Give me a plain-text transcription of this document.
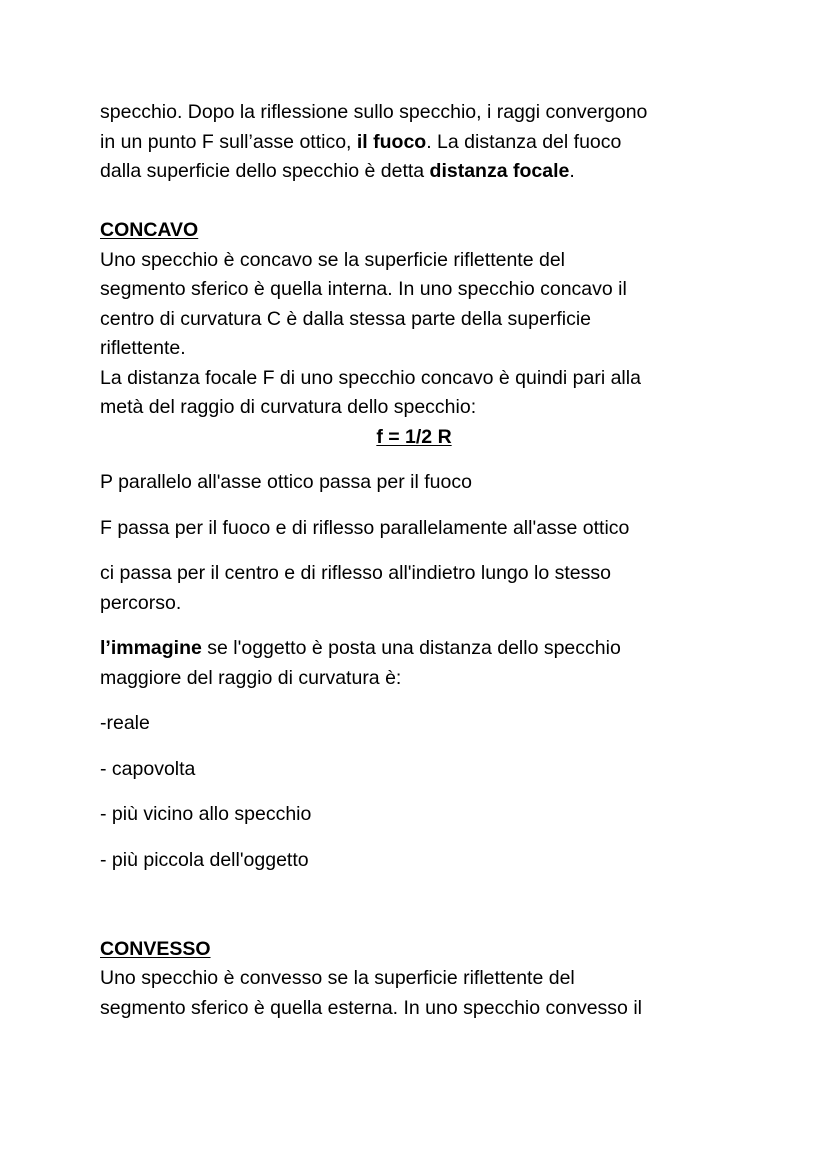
specchio. Dopo la riflessione sullo specchio, i raggi convergono

in un punto F sull’asse ottico, il fuoco. La distanza del fuoco

dalla superficie dello specchio è detta distanza focale.

CONCAVO

Uno specchio è concavo se la superficie riflettente del

segmento sferico è quella interna. In uno specchio concavo il

centro di curvatura C è dalla stessa parte della superficie

riflettente.

La distanza focale F di uno specchio concavo è quindi pari alla

metà del raggio di curvatura dello specchio:

f = 1/2 R

P parallelo all'asse ottico passa per il fuoco

F passa per il fuoco e di riflesso parallelamente all'asse ottico

ci passa per il centro e di riflesso all'indietro lungo lo stesso

percorso.

l’immagine se l'oggetto è posta una distanza dello specchio

maggiore del raggio di curvatura è:

-reale

- capovolta

- più vicino allo specchio

- più piccola dell'oggetto

CONVESSO

Uno specchio è convesso se la superficie riflettente del

segmento sferico è quella esterna. In uno specchio convesso il
